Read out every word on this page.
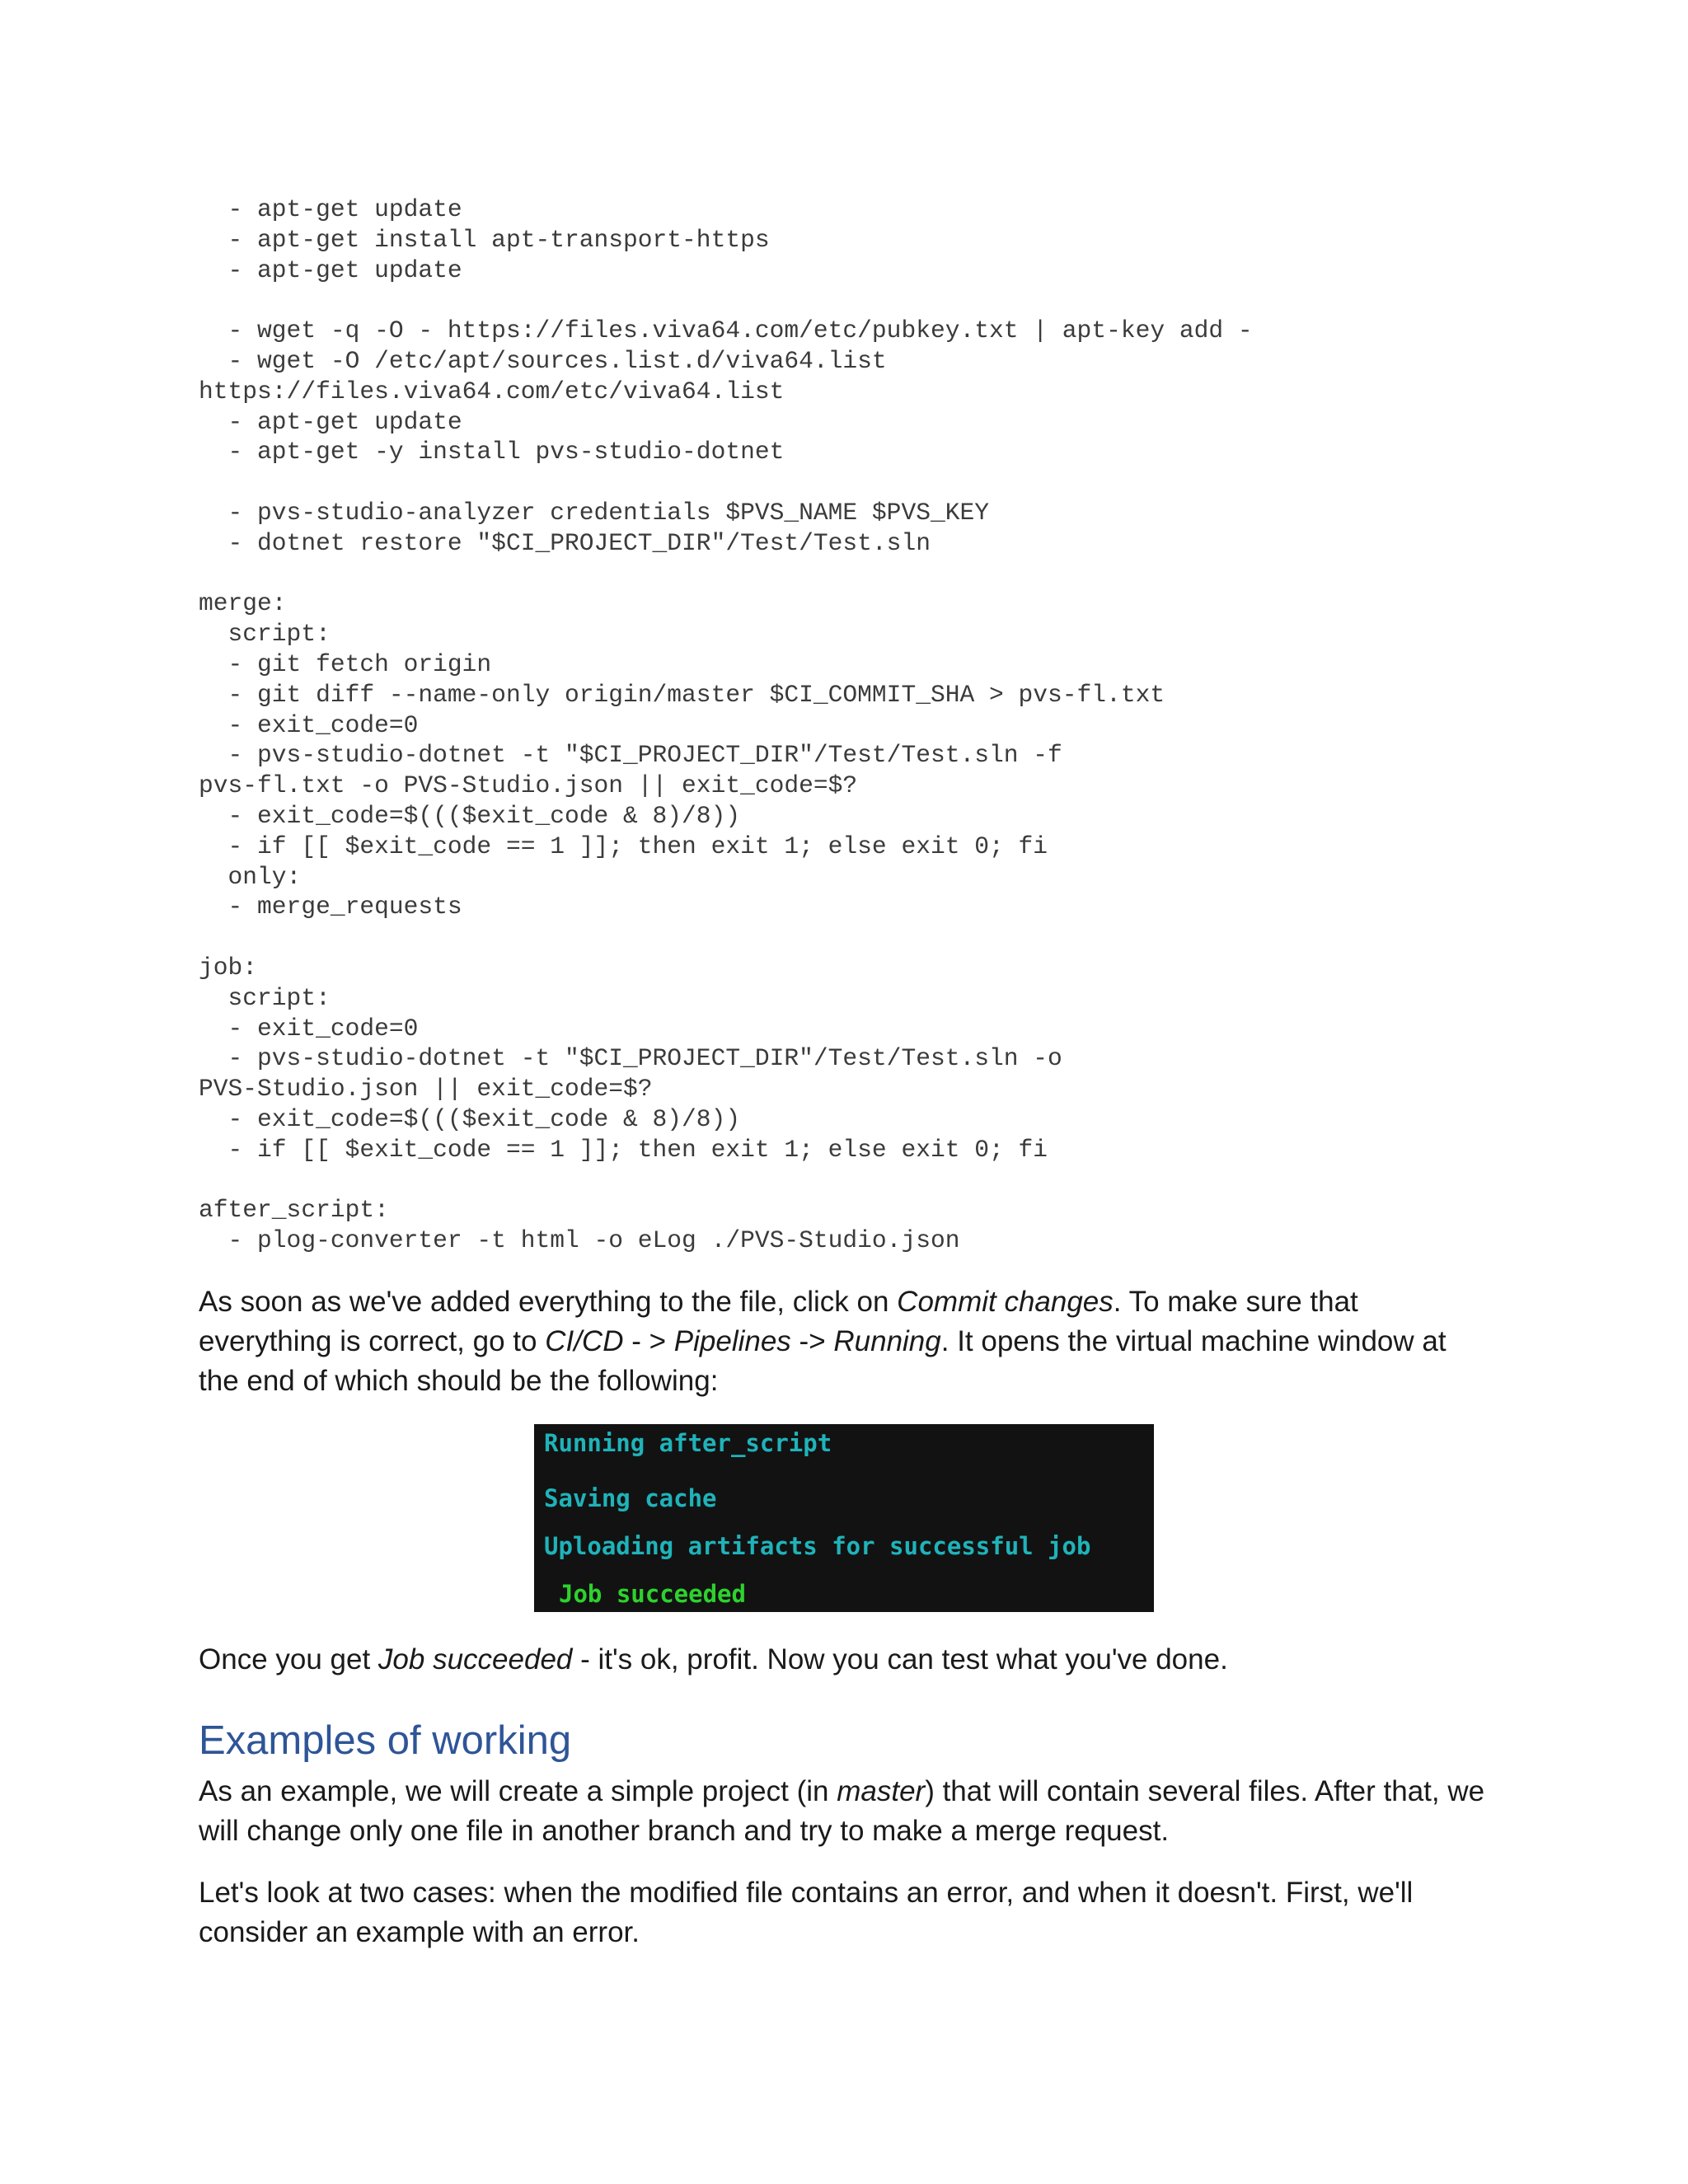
- apt-get update
- apt-get install apt-transport-https
- apt-get update
- wget -q -O - https://files.viva64.com/etc/pubkey.txt | apt-key add -
- wget -O /etc/apt/sources.list.d/viva64.list
https://files.viva64.com/etc/viva64.list
- apt-get update
- apt-get -y install pvs-studio-dotnet
- pvs-studio-analyzer credentials $PVS_NAME $PVS_KEY
- dotnet restore "$CI_PROJECT_DIR"/Test/Test.sln
merge:
script:
- git fetch origin
- git diff --name-only origin/master $CI_COMMIT_SHA > pvs-fl.txt
- exit_code=0
- pvs-studio-dotnet -t "$CI_PROJECT_DIR"/Test/Test.sln -f
pvs-fl.txt -o PVS-Studio.json || exit_code=$?
- exit_code=$((($exit_code & 8)/8))
- if [[ $exit_code == 1 ]]; then exit 1; else exit 0; fi
only:
- merge_requests
job:
script:
- exit_code=0
- pvs-studio-dotnet -t "$CI_PROJECT_DIR"/Test/Test.sln -o
PVS-Studio.json || exit_code=$?
- exit_code=$((($exit_code & 8)/8))
- if [[ $exit_code == 1 ]]; then exit 1; else exit 0; fi
after_script:
- plog-converter -t html -o eLog ./PVS-Studio.json

As soon as we've added everything to the file, click on Commit changes. To make sure that everything is correct, go to CI/CD - > Pipelines -> Running. It opens the virtual machine window at the end of which should be the following:

Running after_script
Saving cache
Uploading artifacts for successful job
Job succeeded

Once you get Job succeeded - it's ok, profit. Now you can test what you've done.

Examples of working

As an example, we will create a simple project (in master) that will contain several files. After that, we will change only one file in another branch and try to make a merge request.

Let's look at two cases: when the modified file contains an error, and when it doesn't. First, we'll consider an example with an error.
